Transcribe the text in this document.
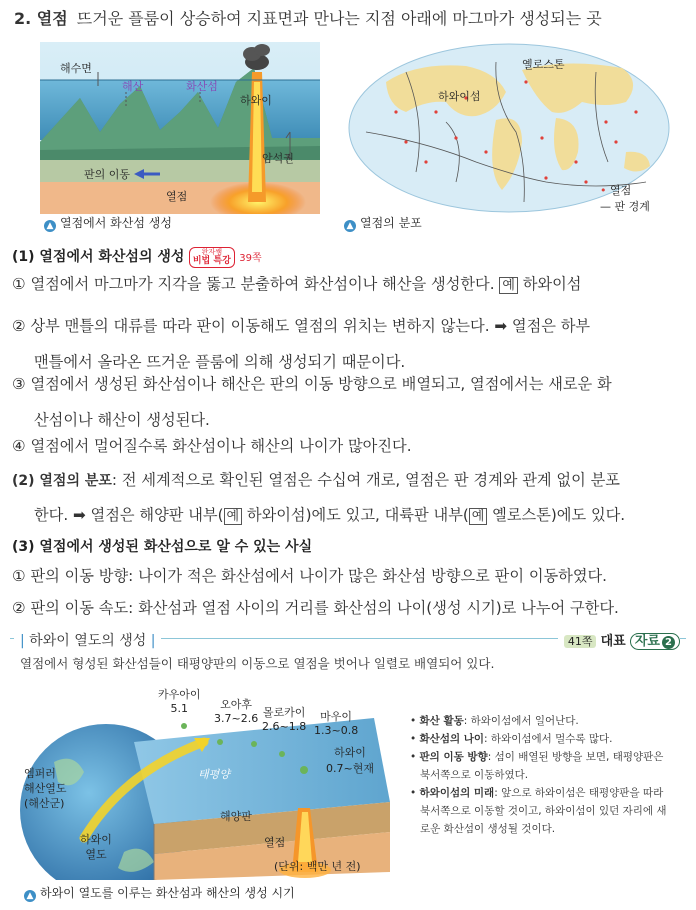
2. 열점 뜨거운 플룸이 상승하여 지표면과 만나는 지점 아래에 마그마가 생성되는 곳
해수면
해산	화산섬
하와이
암석권
판의 이동
열점
▲ 열점에서 화산섬 생성
옐로스톤
하와이섬
• 열점
— 판 경계
▲ 열점의 분포
(1) 열점에서 화산섬의 생성	완자쌤
비법 특강 39쪽
① 열점에서 마그마가 지각을 뚫고 분출하여 화산섬이나 해산을 생성한다. 예 하와이섬
② 상부 맨틀의 대류를 따라 판이 이동해도 열점의 위치는 변하지 않는다. ➡ 열점은 하부
맨틀에서 올라온 뜨거운 플룸에 의해 생성되기 때문이다.
③ 열점에서 생성된 화산섬이나 해산은 판의 이동 방향으로 배열되고, 열점에서는 새로운 화
산섬이나 해산이 생성된다.
④ 열점에서 멀어질수록 화산섬이나 해산의 나이가 많아진다.
(2) 열점의 분포: 전 세계적으로 확인된 열점은 수십여 개로, 열점은 판 경계와 관계 없이 분포
한다. ➡ 열점은 해양판 내부( 예 하와이섬)에도 있고, 대륙판 내부( 예 옐로스톤)에도 있다.
(3) 열점에서 생성된 화산섬으로 알 수 있는 사실
① 판의 이동 방향: 나이가 적은 화산섬에서 나이가 많은 화산섬 방향으로 판이 이동하였다.
② 판의 이동 속도: 화산섬과 열점 사이의 거리를 화산섬의 나이(생성 시기)로 나누어 구한다.
| 하와이 열도의 생성 |	41쪽 대표 자료 2
열점에서 형성된 화산섬들이 태평양판의 이동으로 열점을 벗어나 일렬로 배열되어 있다.
카우아이
5.1	오아후
3.7~2.6 몰로카이
2.6~1.8
마우이
1.3~0.8
하와이
0.7~현재
엠퍼러
해산열도
(해산군)
하와이
열도
태평양
해양판
열점
(단위: 백만 년 전)
▲ 하와이 열도를 이루는 화산섬과 해산의 생성 시기
• 화산 활동: 하와이섬에서 일어난다.
• 화산섬의 나이: 하와이섬에서 멀수록 많다.
• 판의 이동 방향: 섬이 배열된 방향을 보면, 태평양판은
북서쪽으로 이동하였다.
• 하와이섬의 미래: 앞으로 하와이섬은 태평양판을 따라
북서쪽으로 이동할 것이고, 하와이섬이 있던 자리에 새
로운 화산섬이 생성될 것이다.
